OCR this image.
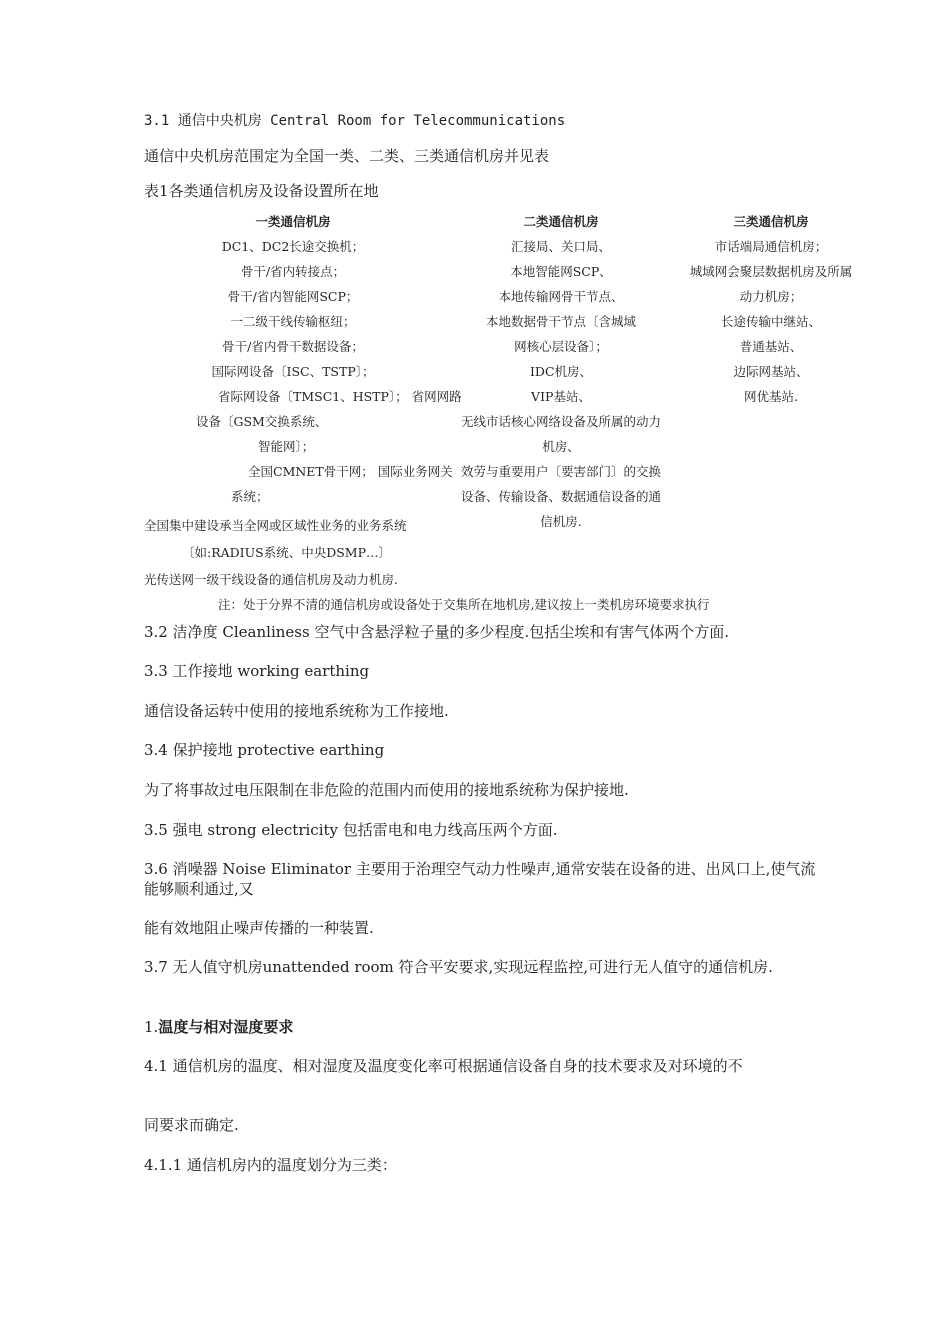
3.1 通信中央机房 Central Room for Telecommunications
通信中央机房范围定为全国一类、二类、三类通信机房并见表
表1各类通信机房及设备设置所在地
一类通信机房
DC1、DC2长途交换机；
骨干/省内转接点；
骨干/省内智能网SCP；
一二级干线传输枢纽；
骨干/省内骨干数据设备；
国际网设备〔ISC、TSTP〕；
省际网设备〔TMSC1、HSTP〕； 省网网路
设备〔GSM交换系统、
智能网〕；
全国CMNET骨干网； 国际业务网关
系统；
全国集中建设承当全网或区域性业务的业务系统
〔如:RADIUS系统、中央DSMP…〕
光传送网一级干线设备的通信机房及动力机房.
二类通信机房
汇接局、关口局、
本地智能网SCP、
本地传输网骨干节点、
本地数据骨干节点〔含城域
网核心层设备〕；
IDC机房、
VIP基站、
无线市话核心网络设备及所属的动力
机房、
效劳与重要用户〔要害部门〕的交换
设备、传输设备、数据通信设备的通
信机房.
三类通信机房
市话端局通信机房；
城域网会聚层数据机房及所属
动力机房；
长途传输中继站、
普通基站、
边际网基站、
网优基站.
注：处于分界不清的通信机房或设备处于交集所在地机房,建议按上一类机房环境要求执行
3.2 洁净度 Cleanliness 空气中含悬浮粒子量的多少程度.包括尘埃和有害气体两个方面.
3.3 工作接地 working earthing
通信设备运转中使用的接地系统称为工作接地.
3.4 保护接地 protective earthing
为了将事故过电压限制在非危险的范围内而使用的接地系统称为保护接地.
3.5 强电 strong electricity 包括雷电和电力线高压两个方面.
3.6 消噪器 Noise Eliminator 主要用于治理空气动力性噪声,通常安装在设备的进、出风口上,使气流能够顺利通过,又
能有效地阻止噪声传播的一种装置.
3.7 无人值守机房unattended room 符合平安要求,实现远程监控,可进行无人值守的通信机房.
1.温度与相对湿度要求
4.1 通信机房的温度、相对湿度及温度变化率可根据通信设备自身的技术要求及对环境的不
同要求而确定.
4.1.1 通信机房内的温度划分为三类：
